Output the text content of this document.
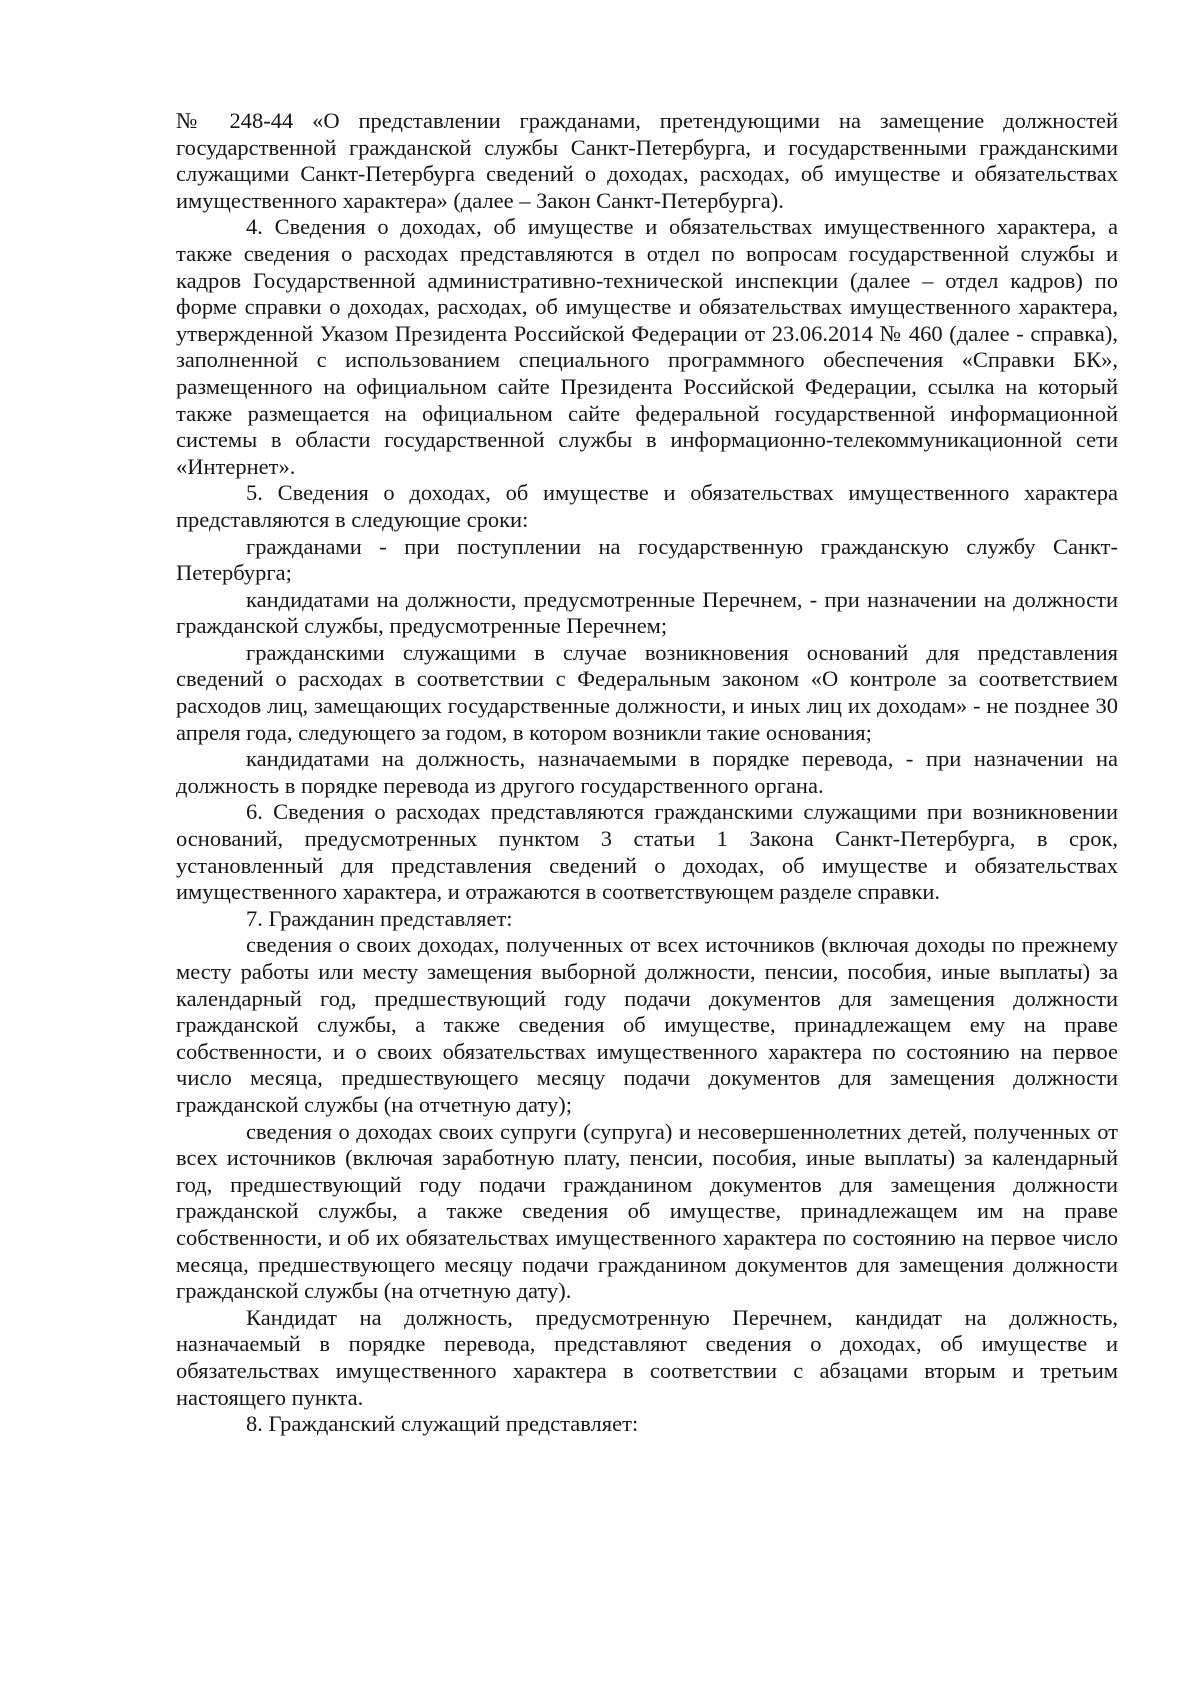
№ 248-44 «О представлении гражданами, претендующими на замещение должностей государственной гражданской службы Санкт-Петербурга, и государственными гражданскими служащими Санкт-Петербурга сведений о доходах, расходах, об имуществе и обязательствах имущественного характера» (далее – Закон Санкт-Петербурга).

4. Сведения о доходах, об имуществе и обязательствах имущественного характера, а также сведения о расходах представляются в отдел по вопросам государственной службы и кадров Государственной административно-технической инспекции (далее – отдел кадров) по форме справки о доходах, расходах, об имуществе и обязательствах имущественного характера, утвержденной Указом Президента Российской Федерации от 23.06.2014 № 460 (далее - справка), заполненной с использованием специального программного обеспечения «Справки БК», размещенного на официальном сайте Президента Российской Федерации, ссылка на который также размещается на официальном сайте федеральной государственной информационной системы в области государственной службы в информационно-телекоммуникационной сети «Интернет».

5. Сведения о доходах, об имуществе и обязательствах имущественного характера представляются в следующие сроки:

гражданами - при поступлении на государственную гражданскую службу Санкт-Петербурга;

кандидатами на должности, предусмотренные Перечнем, - при назначении на должности гражданской службы, предусмотренные Перечнем;

гражданскими служащими в случае возникновения оснований для представления сведений о расходах в соответствии с Федеральным законом «О контроле за соответствием расходов лиц, замещающих государственные должности, и иных лиц их доходам» - не позднее 30 апреля года, следующего за годом, в котором возникли такие основания;

кандидатами на должность, назначаемыми в порядке перевода, - при назначении на должность в порядке перевода из другого государственного органа.

6. Сведения о расходах представляются гражданскими служащими при возникновении оснований, предусмотренных пунктом 3 статьи 1 Закона Санкт-Петербурга, в срок, установленный для представления сведений о доходах, об имуществе и обязательствах имущественного характера, и отражаются в соответствующем разделе справки.

7. Гражданин представляет:

сведения о своих доходах, полученных от всех источников (включая доходы по прежнему месту работы или месту замещения выборной должности, пенсии, пособия, иные выплаты) за календарный год, предшествующий году подачи документов для замещения должности гражданской службы, а также сведения об имуществе, принадлежащем ему на праве собственности, и о своих обязательствах имущественного характера по состоянию на первое число месяца, предшествующего месяцу подачи документов для замещения должности гражданской службы (на отчетную дату);

сведения о доходах своих супруги (супруга) и несовершеннолетних детей, полученных от всех источников (включая заработную плату, пенсии, пособия, иные выплаты) за календарный год, предшествующий году подачи гражданином документов для замещения должности гражданской службы, а также сведения об имуществе, принадлежащем им на праве собственности, и об их обязательствах имущественного характера по состоянию на первое число месяца, предшествующего месяцу подачи гражданином документов для замещения должности гражданской службы (на отчетную дату).

Кандидат на должность, предусмотренную Перечнем, кандидат на должность, назначаемый в порядке перевода, представляют сведения о доходах, об имуществе и обязательствах имущественного характера в соответствии с абзацами вторым и третьим настоящего пункта.

8. Гражданский служащий представляет:
